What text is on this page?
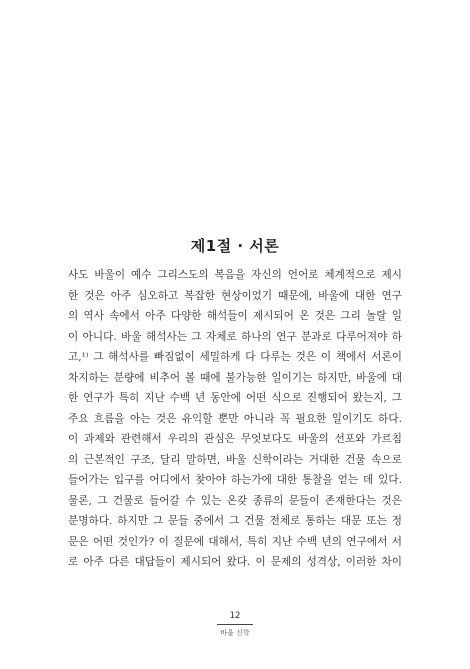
제1절 · 서론
사도 바울이 예수 그리스도의 복음을 자신의 언어로 체계적으로 제시
한 것은 아주 심오하고 복잡한 현상이었기 때문에, 바울에 대한 연구
의 역사 속에서 아주 다양한 해석들이 제시되어 온 것은 그리 놀랄 일
이 아니다. 바울 해석사는 그 자체로 하나의 연구 분과로 다루어져야 하
고,¹⁾ 그 해석사를 빠짐없이 세밀하게 다 다루는 것은 이 책에서 서론이
차지하는 분량에 비추어 볼 때에 불가능한 일이기는 하지만, 바울에 대
한 연구가 특히 지난 수백 년 동안에 어떤 식으로 진행되어 왔는지, 그
주요 흐름을 아는 것은 유익할 뿐만 아니라 꼭 필요한 일이기도 하다.
이 과제와 관련해서 우리의 관심은 무엇보다도 바울의 선포와 가르침
의 근본적인 구조, 달리 말하면, 바울 신학이라는 거대한 건물 속으로
들어가는 입구를 어디에서 찾아야 하는가에 대한 통찰을 얻는 데 있다.
물론, 그 건물로 들어갈 수 있는 온갖 종류의 문들이 존재한다는 것은
분명하다. 하지만 그 문들 중에서 그 건물 전체로 통하는 대문 또는 정
문은 어떤 것인가? 이 질문에 대해서, 특히 지난 수백 년의 연구에서 서
로 아주 다른 대답들이 제시되어 왔다. 이 문제의 성격상, 이러한 차이
12
바울 신학
